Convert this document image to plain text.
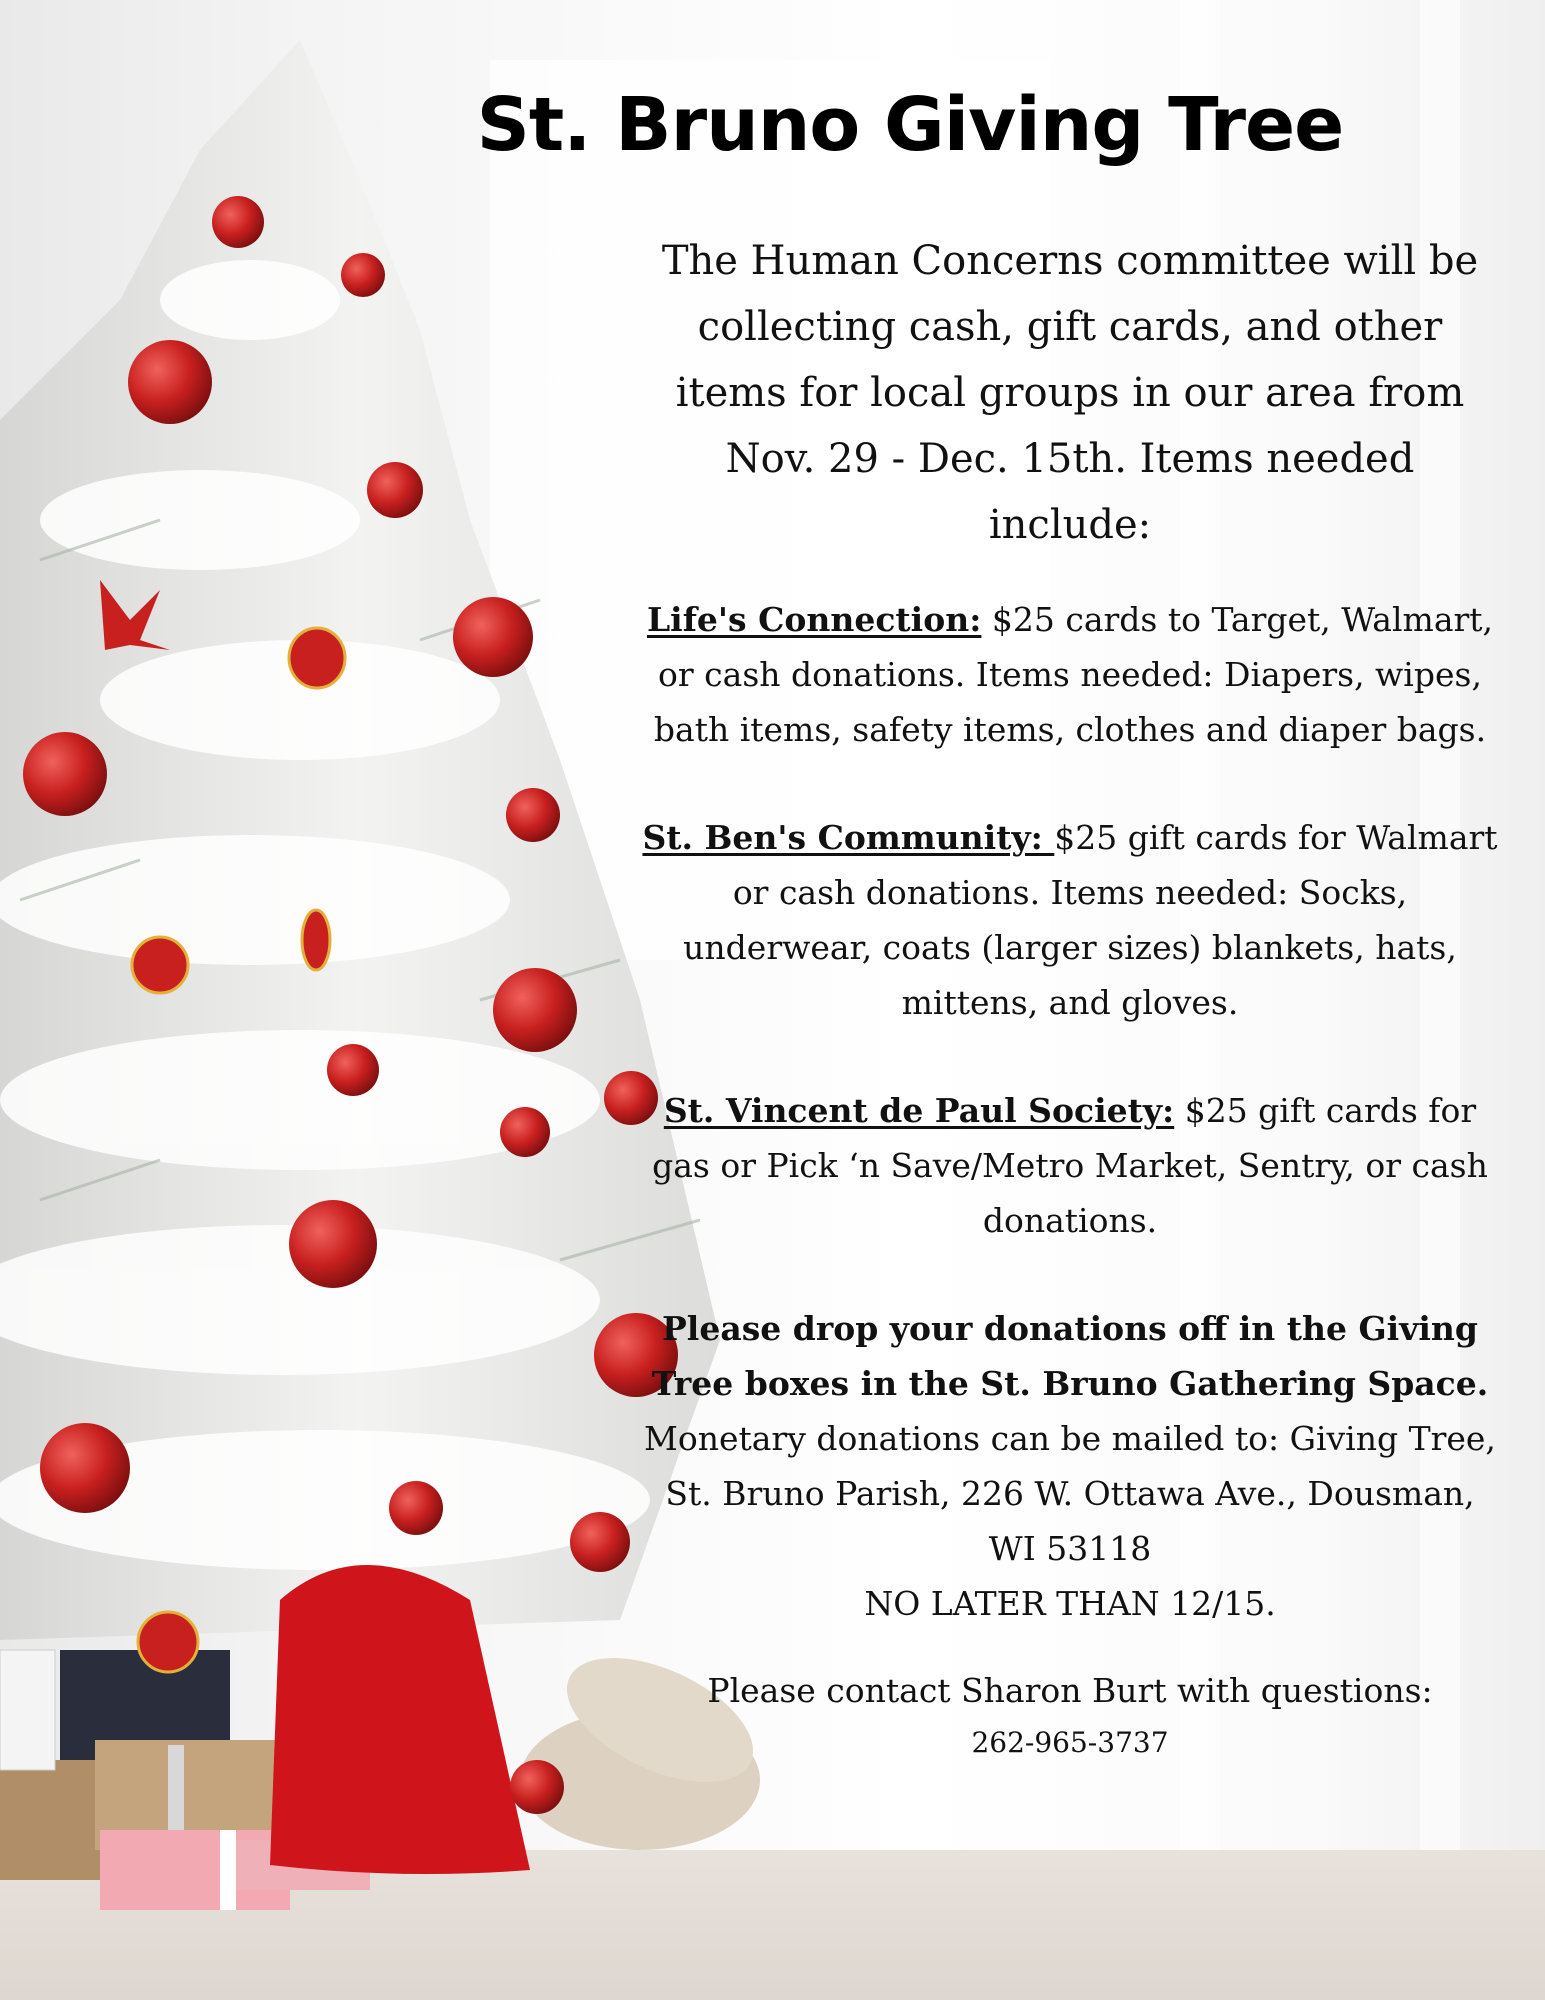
St. Bruno Giving Tree

The Human Concerns committee will be collecting cash, gift cards, and other items for local groups in our area from Nov. 29 - Dec. 15th. Items needed include:

Life's Connection: $25 cards to Target, Walmart, or cash donations. Items needed: Diapers, wipes, bath items, safety items, clothes and diaper bags.

St. Ben's Community: $25 gift cards for Walmart or cash donations. Items needed: Socks, underwear, coats (larger sizes) blankets, hats, mittens, and gloves.

St. Vincent de Paul Society: $25 gift cards for gas or Pick ‘n Save/Metro Market, Sentry, or cash donations.

Please drop your donations off in the Giving Tree boxes in the St. Bruno Gathering Space.
Monetary donations can be mailed to: Giving Tree, St. Bruno Parish, 226 W. Ottawa Ave., Dousman, WI 53118
NO LATER THAN 12/15.

Please contact Sharon Burt with questions:
262-965-3737
